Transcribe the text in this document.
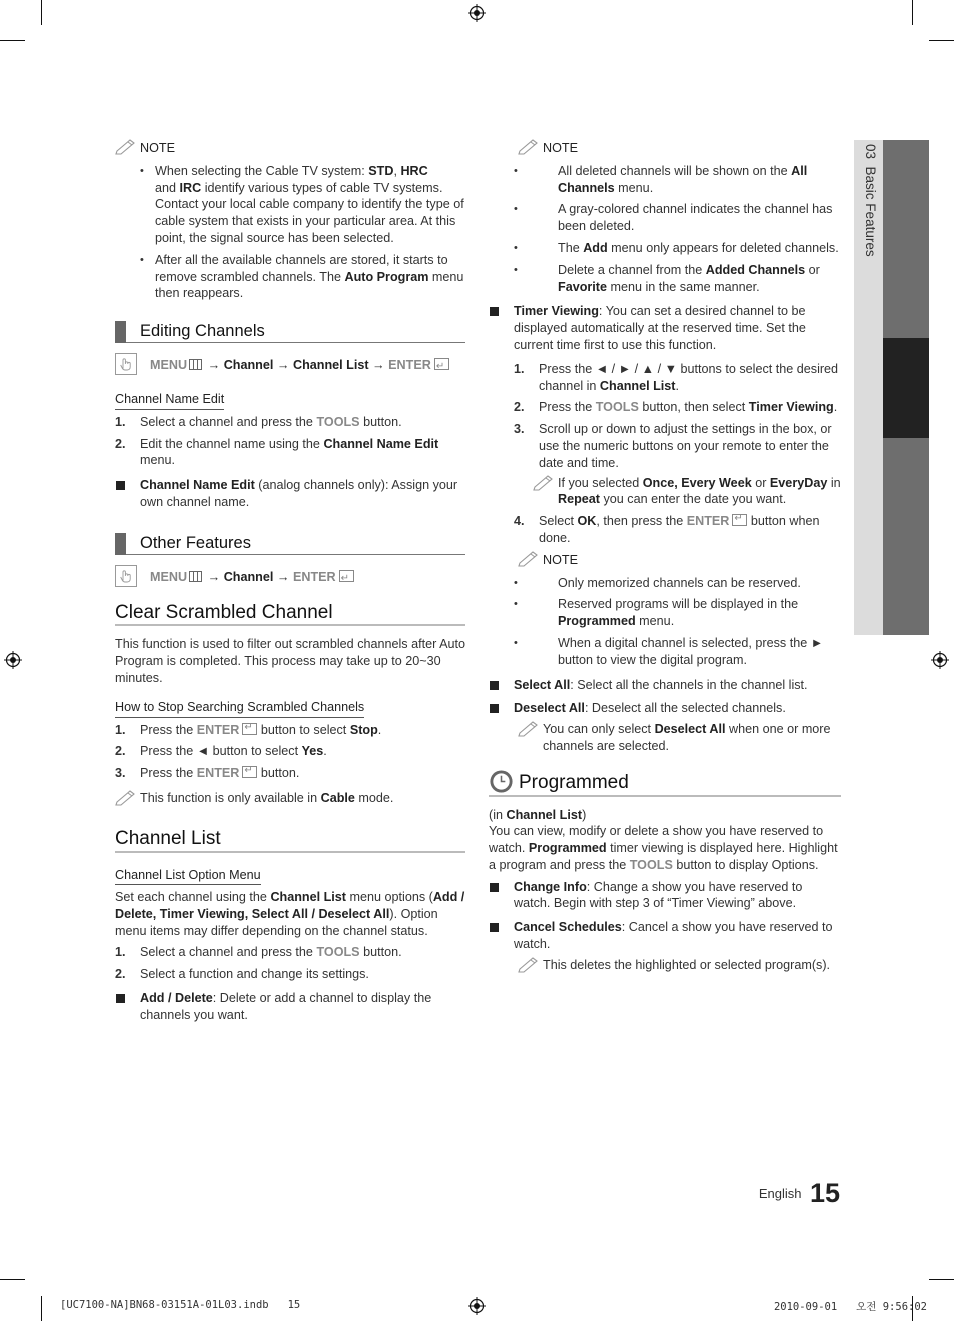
03  Basic Features
NOTE
• When selecting the Cable TV system: STD, HRC
and IRC identify various types of cable TV systems. Contact your local cable company to identify the type of cable system that exists in your particular area. At this point, the signal source has been selected.
• After all the available channels are stored, it starts to remove scrambled channels. The Auto Program menu then reappears.
Editing Channels
MENU → Channel → Channel List → ENTER↵
Channel Name Edit
1. Select a channel and press the TOOLS button.
2. Edit the channel name using the Channel Name Edit menu.
Channel Name Edit (analog channels only): Assign your own channel name.
Other Features
MENU → Channel → ENTER↵
Clear Scrambled Channel

This function is used to filter out scrambled channels after Auto Program is completed. This process may take up to 20~30 minutes.

How to Stop Searching Scrambled Channels
1. Press the ENTER↵ button to select Stop.
2. Press the ◄ button to select Yes.
3. Press the ENTER↵ button.
This function is only available in Cable mode.
Channel List
Channel List Option Menu

Set each channel using the Channel List menu options (Add / Delete, Timer Viewing, Select All / Deselect All). Option menu items may differ depending on the channel status.

1. Select a channel and press the TOOLS button.
2. Select a function and change its settings.
Add / Delete: Delete or add a channel to display the channels you want.
NOTE
• All deleted channels will be shown on the All Channels menu.
• A gray-colored channel indicates the channel has been deleted.
• The Add menu only appears for deleted channels.
• Delete a channel from the Added Channels or Favorite menu in the same manner.
Timer Viewing: You can set a desired channel to be displayed automatically at the reserved time. Set the current time first to use this function.
1. Press the ◄ / ► / ▲ / ▼ buttons to select the desired channel in Channel List.
2. Press the TOOLS button, then select Timer Viewing.
3. Scroll up or down to adjust the settings in the box, or use the numeric buttons on your remote to enter the date and time.
If you selected Once, Every Week or EveryDay in Repeat you can enter the date you want.
4. Select OK, then press the ENTER↵ button when done.
NOTE
• Only memorized channels can be reserved.
• Reserved programs will be displayed in the Programmed menu.
• When a digital channel is selected, press the ► button to view the digital program.
Select All: Select all the channels in the channel list.
Deselect All: Deselect all the selected channels.
You can only select Deselect All when one or more channels are selected.
Programmed

(in Channel List)

You can view, modify or delete a show you have reserved to watch. Programmed timer viewing is displayed here. Highlight a program and press the TOOLS button to display Options.

Change Info: Change a show you have reserved to watch. Begin with step 3 of “Timer Viewing” above.
Cancel Schedules: Cancel a show you have reserved to watch.
This deletes the highlighted or selected program(s).
$^{English}$ 15
[UC7100-NA]BN68-03151A-01L03.indb   15	2010-09-01   오전 9:56:02
